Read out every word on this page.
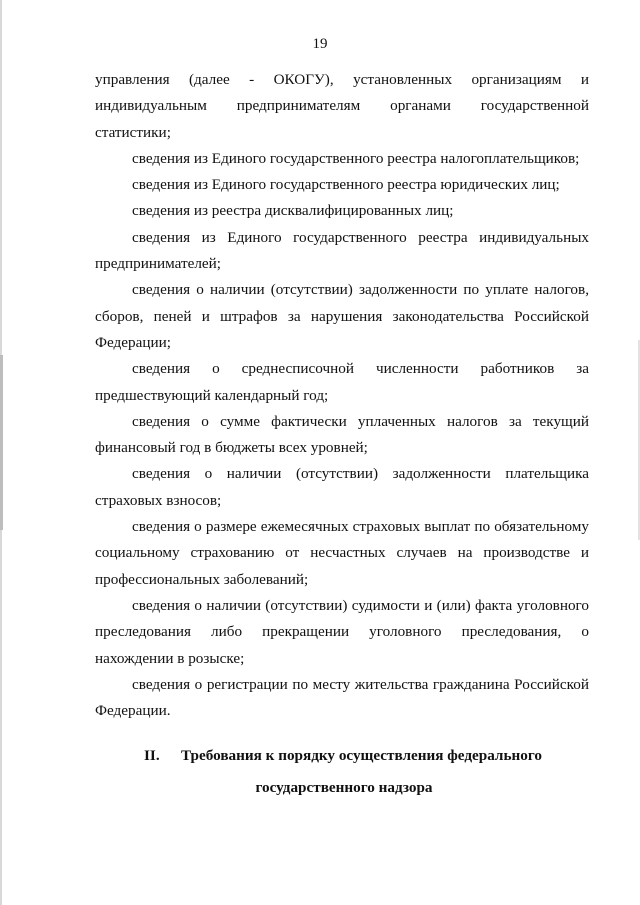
19

управления (далее - ОКОГУ), установленных организациям и индивидуальным предпринимателям органами государственной статистики;

сведения из Единого государственного реестра налогоплательщиков;

сведения из Единого государственного реестра юридических лиц;

сведения из реестра дисквалифицированных лиц;

сведения из Единого государственного реестра индивидуальных предпринимателей;

сведения о наличии (отсутствии) задолженности по уплате налогов, сборов, пеней и штрафов за нарушения законодательства Российской Федерации;

сведения о среднесписочной численности работников за предшествующий календарный год;

сведения о сумме фактически уплаченных налогов за текущий финансовый год в бюджеты всех уровней;

сведения о наличии (отсутствии) задолженности плательщика страховых взносов;

сведения о размере ежемесячных страховых выплат по обязательному социальному страхованию от несчастных случаев на производстве и профессиональных заболеваний;

сведения о наличии (отсутствии) судимости и (или) факта уголовного преследования либо прекращении уголовного преследования, о нахождении в розыске;

сведения о регистрации по месту жительства гражданина Российской Федерации.

II. Требования к порядку осуществления федерального
государственного надзора
